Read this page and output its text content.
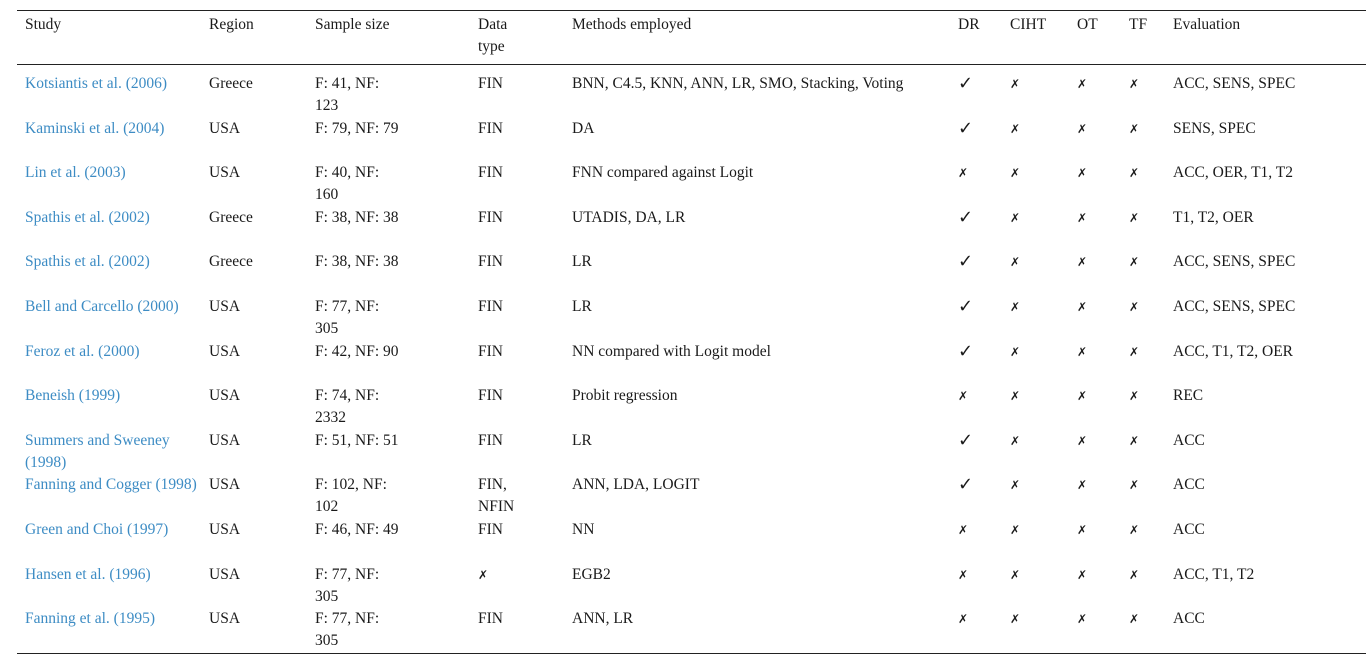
Study	Region	Sample size	Data type	Methods employed	DR	CIHT	OT	TF	Evaluation
Kotsiantis et al. (2006)	Greece	F: 41, NF: 123	FIN	BNN, C4.5, KNN, ANN, LR, SMO, Stacking, Voting	✓	✗	✗	✗	ACC, SENS, SPEC
Kaminski et al. (2004)	USA	F: 79, NF: 79	FIN	DA	✓	✗	✗	✗	SENS, SPEC
Lin et al. (2003)	USA	F: 40, NF: 160	FIN	FNN compared against Logit	✗	✗	✗	✗	ACC, OER, T1, T2
Spathis et al. (2002)	Greece	F: 38, NF: 38	FIN	UTADIS, DA, LR	✓	✗	✗	✗	T1, T2, OER
Spathis et al. (2002)	Greece	F: 38, NF: 38	FIN	LR	✓	✗	✗	✗	ACC, SENS, SPEC
Bell and Carcello (2000)	USA	F: 77, NF: 305	FIN	LR	✓	✗	✗	✗	ACC, SENS, SPEC
Feroz et al. (2000)	USA	F: 42, NF: 90	FIN	NN compared with Logit model	✓	✗	✗	✗	ACC, T1, T2, OER
Beneish (1999)	USA	F: 74, NF: 2332	FIN	Probit regression	✗	✗	✗	✗	REC
Summers and Sweeney (1998)	USA	F: 51, NF: 51	FIN	LR	✓	✗	✗	✗	ACC
Fanning and Cogger (1998)	USA	F: 102, NF: 102	FIN, NFIN	ANN, LDA, LOGIT	✓	✗	✗	✗	ACC
Green and Choi (1997)	USA	F: 46, NF: 49	FIN	NN	✗	✗	✗	✗	ACC
Hansen et al. (1996)	USA	F: 77, NF: 305	✗	EGB2	✗	✗	✗	✗	ACC, T1, T2
Fanning et al. (1995)	USA	F: 77, NF: 305	FIN	ANN, LR	✗	✗	✗	✗	ACC
